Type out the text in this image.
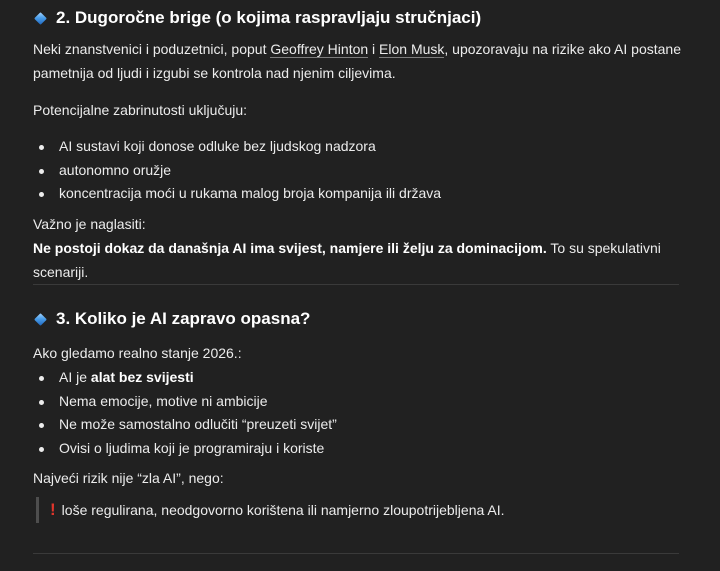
2. Dugoročne brige (o kojima raspravljaju stručnjaci)

Neki znanstvenici i poduzetnici, poput Geoffrey Hinton i Elon Musk, upozoravaju na rizike ako AI postane pametnija od ljudi i izgubi se kontrola nad njenim ciljevima.

Potencijalne zabrinutosti uključuju:

AI sustavi koji donose odluke bez ljudskog nadzora
autonomno oružje
koncentracija moći u rukama malog broja kompanija ili država

Važno je naglasiti:

Ne postoji dokaz da današnja AI ima svijest, namjere ili želju za dominacijom. To su spekulativni scenariji.

3. Koliko je AI zapravo opasna?

Ako gledamo realno stanje 2026.:

AI je alat bez svijesti
Nema emocije, motive ni ambicije
Ne može samostalno odlučiti “preuzeti svijet”
Ovisi o ljudima koji je programiraju i koriste

Najveći rizik nije “zla AI”, nego:

! loše regulirana, neodgovorno korištena ili namjerno zloupotrijebljena AI.
